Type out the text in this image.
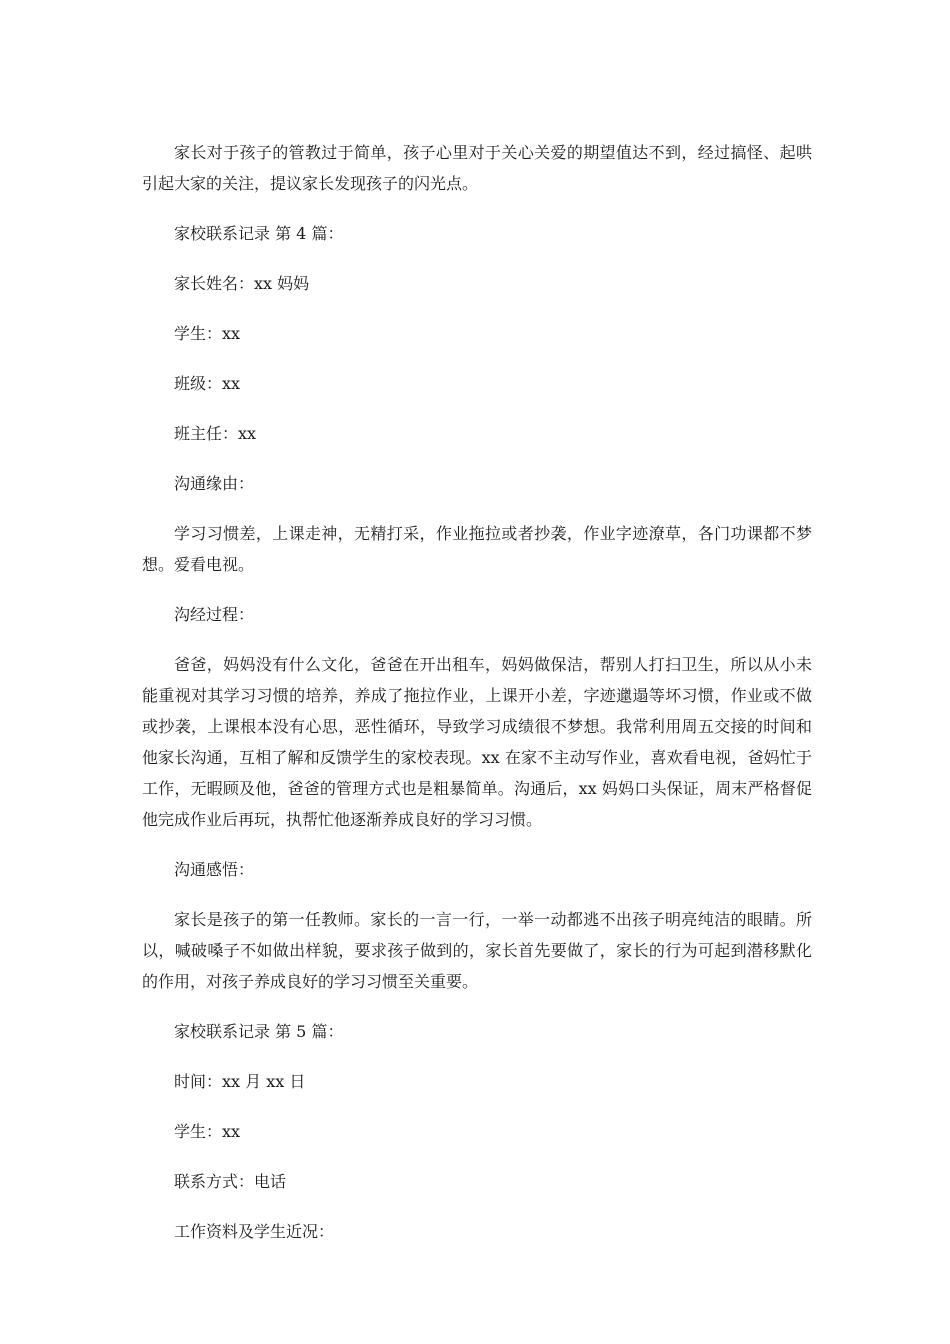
家长对于孩子的管教过于简单，孩子心里对于关心关爱的期望值达不到，经过搞怪、起哄引起大家的关注，提议家长发现孩子的闪光点。

家校联系记录 第 4 篇：

家长姓名：xx 妈妈

学生：xx

班级：xx

班主任：xx

沟通缘由：

学习习惯差，上课走神，无精打采，作业拖拉或者抄袭，作业字迹潦草，各门功课都不梦想。爱看电视。

沟经过程：

爸爸，妈妈没有什么文化，爸爸在开出租车，妈妈做保洁，帮别人打扫卫生，所以从小未能重视对其学习习惯的培养，养成了拖拉作业，上课开小差，字迹邋遢等坏习惯，作业或不做或抄袭，上课根本没有心思，恶性循环，导致学习成绩很不梦想。我常利用周五交接的时间和他家长沟通，互相了解和反馈学生的家校表现。xx 在家不主动写作业，喜欢看电视，爸妈忙于工作，无暇顾及他，爸爸的管理方式也是粗暴简单。沟通后，xx 妈妈口头保证，周末严格督促他完成作业后再玩，执帮忙他逐渐养成良好的学习习惯。

沟通感悟：

家长是孩子的第一任教师。家长的一言一行，一举一动都逃不出孩子明亮纯洁的眼睛。所以，喊破嗓子不如做出样貌，要求孩子做到的，家长首先要做了，家长的行为可起到潜移默化的作用，对孩子养成良好的学习习惯至关重要。

家校联系记录 第 5 篇：

时间：xx 月 xx 日

学生：xx

联系方式：电话

工作资料及学生近况：
